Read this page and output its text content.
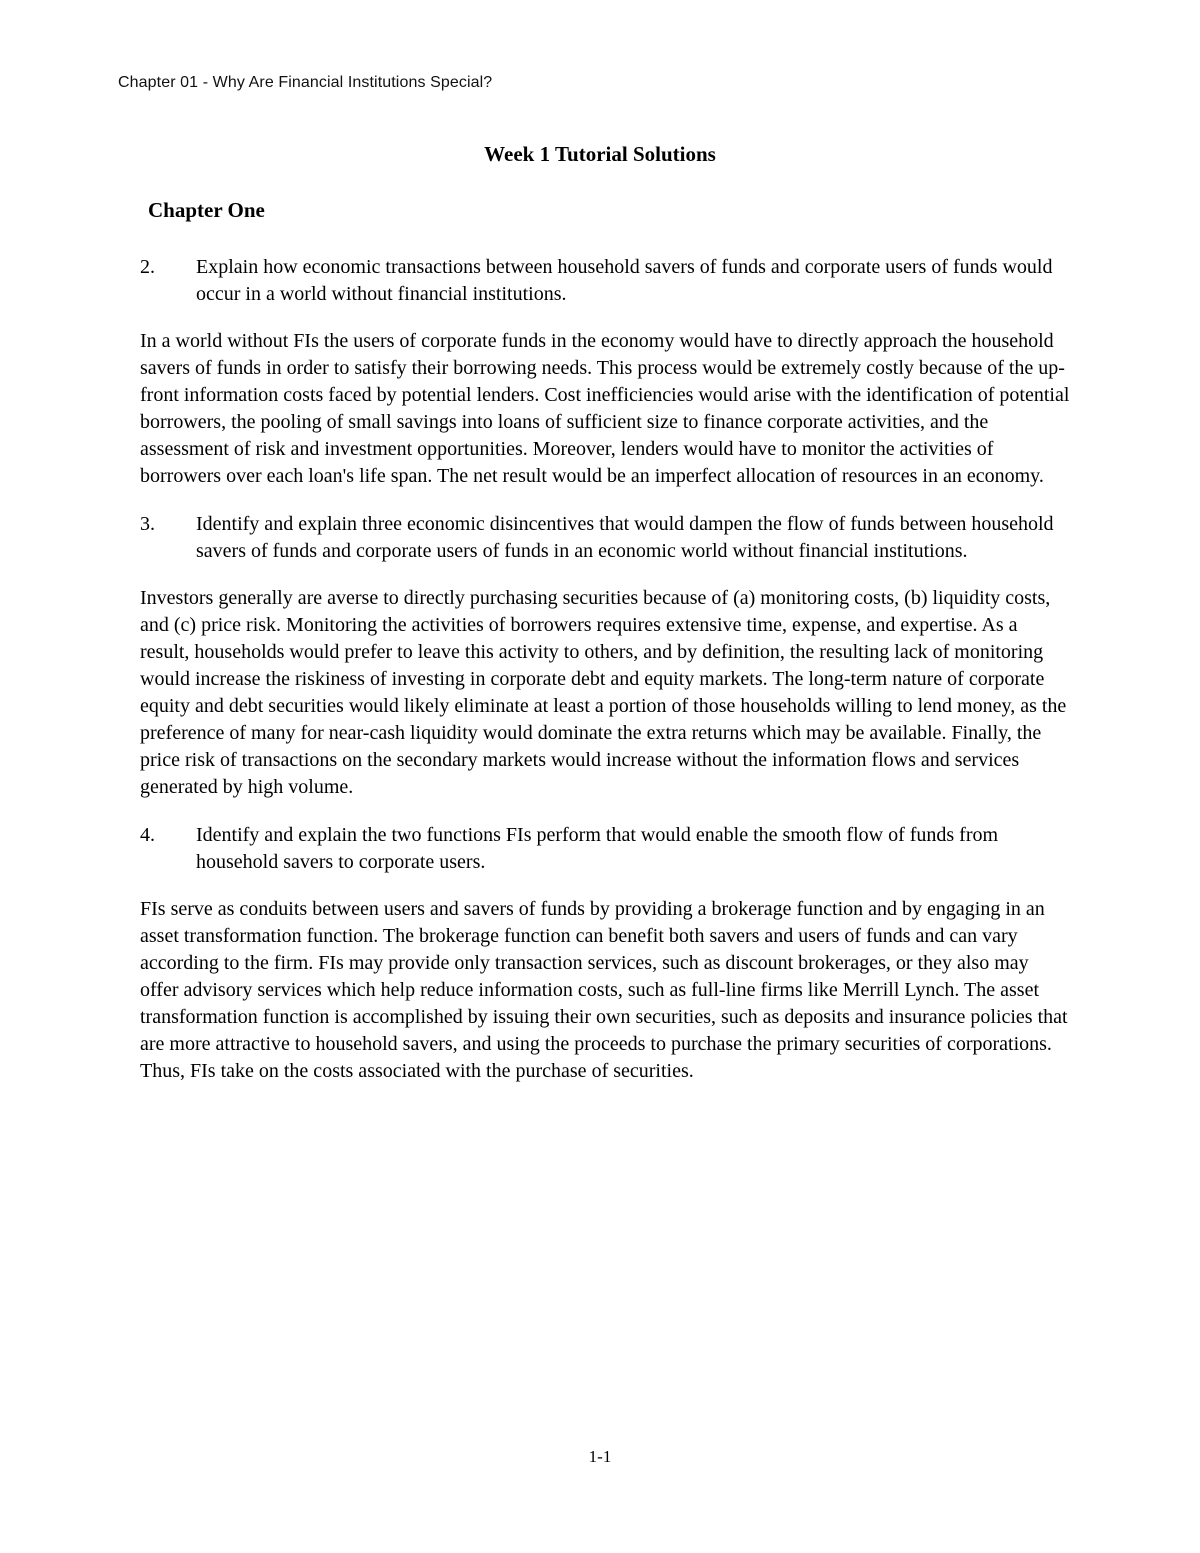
Chapter 01 - Why Are Financial Institutions Special?
Week 1 Tutorial Solutions
Chapter One
2.	Explain how economic transactions between household savers of funds and corporate users of funds would occur in a world without financial institutions.
In a world without FIs the users of corporate funds in the economy would have to directly approach the household savers of funds in order to satisfy their borrowing needs. This process would be extremely costly because of the up-front information costs faced by potential lenders. Cost inefficiencies would arise with the identification of potential borrowers, the pooling of small savings into loans of sufficient size to finance corporate activities, and the assessment of risk and investment opportunities. Moreover, lenders would have to monitor the activities of borrowers over each loan's life span. The net result would be an imperfect allocation of resources in an economy.
3.	Identify and explain three economic disincentives that would dampen the flow of funds between household savers of funds and corporate users of funds in an economic world without financial institutions.
Investors generally are averse to directly purchasing securities because of (a) monitoring costs, (b) liquidity costs, and (c) price risk. Monitoring the activities of borrowers requires extensive time, expense, and expertise. As a result, households would prefer to leave this activity to others, and by definition, the resulting lack of monitoring would increase the riskiness of investing in corporate debt and equity markets. The long-term nature of corporate equity and debt securities would likely eliminate at least a portion of those households willing to lend money, as the preference of many for near-cash liquidity would dominate the extra returns which may be available. Finally, the price risk of transactions on the secondary markets would increase without the information flows and services generated by high volume.
4.	Identify and explain the two functions FIs perform that would enable the smooth flow of funds from household savers to corporate users.
FIs serve as conduits between users and savers of funds by providing a brokerage function and by engaging in an asset transformation function. The brokerage function can benefit both savers and users of funds and can vary according to the firm. FIs may provide only transaction services, such as discount brokerages, or they also may offer advisory services which help reduce information costs, such as full-line firms like Merrill Lynch. The asset transformation function is accomplished by issuing their own securities, such as deposits and insurance policies that are more attractive to household savers, and using the proceeds to purchase the primary securities of corporations. Thus, FIs take on the costs associated with the purchase of securities.
1-1
